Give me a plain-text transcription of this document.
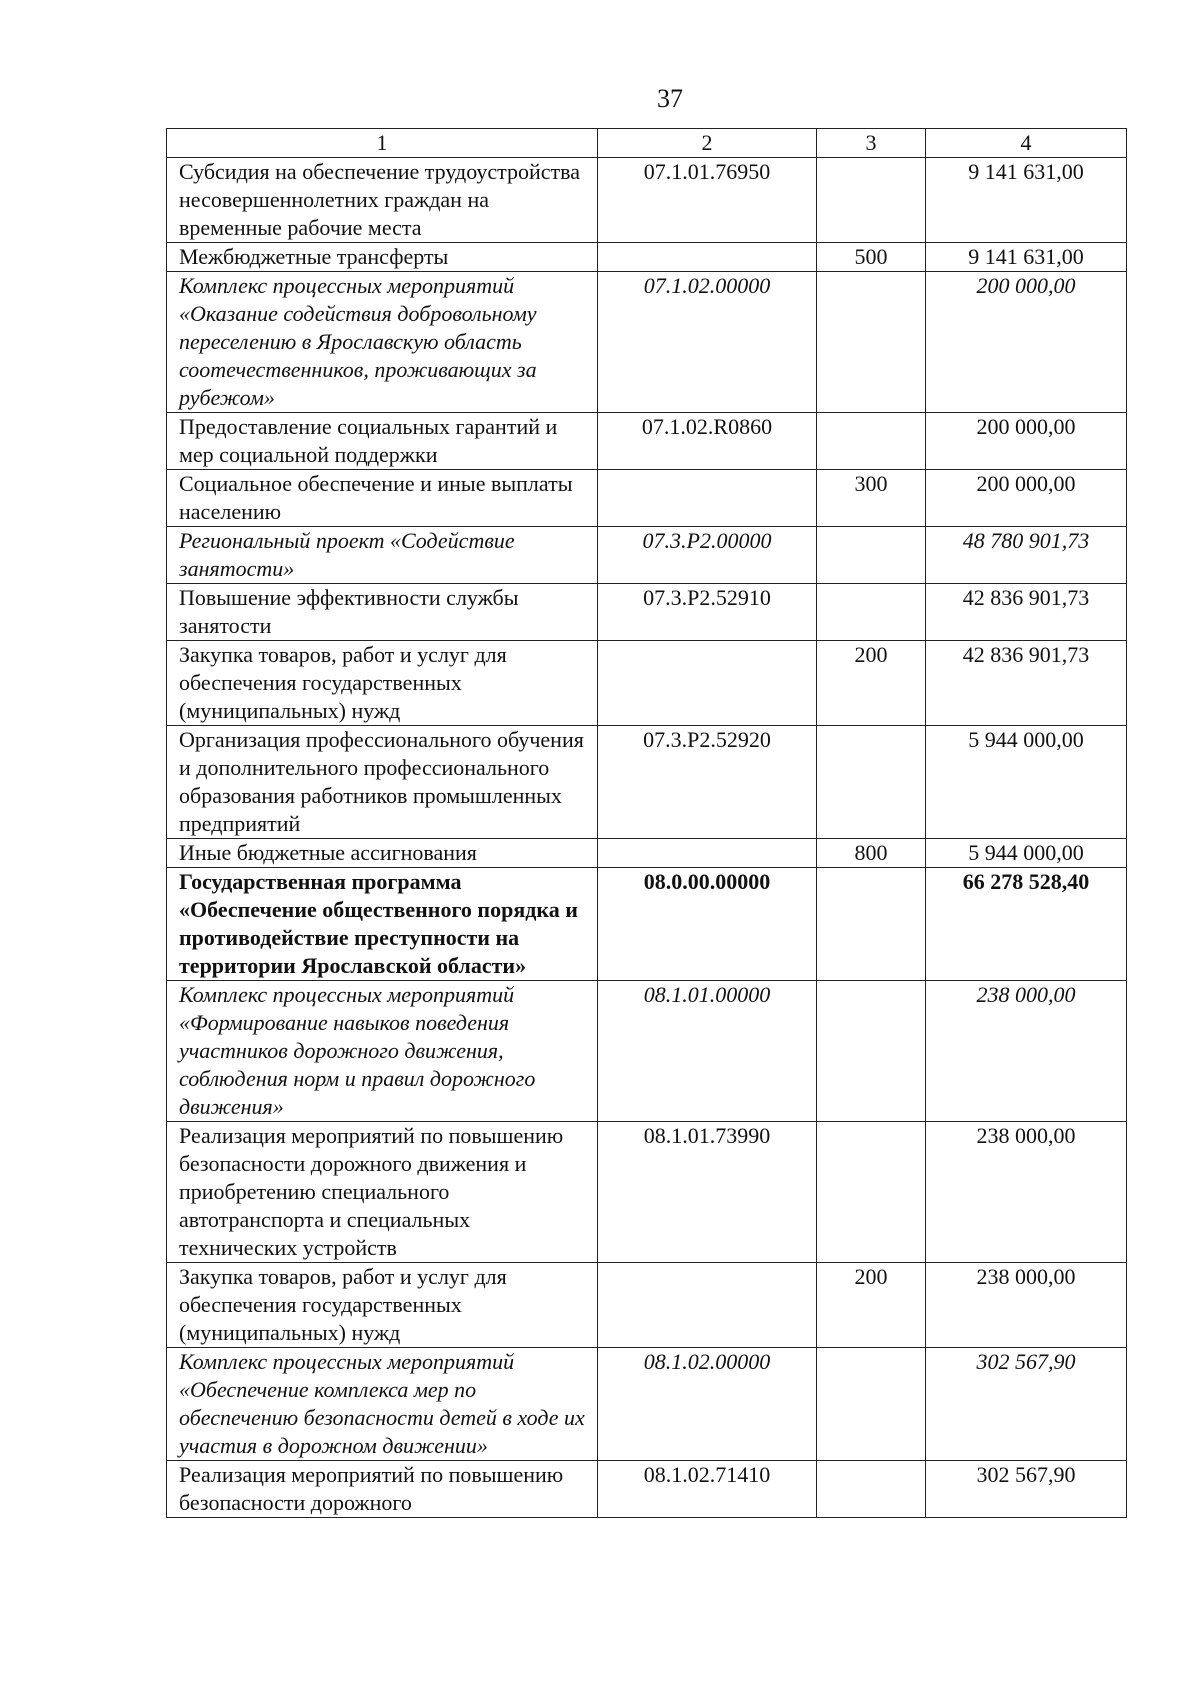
37
1	2	3	4
Субсидия на обеспечение трудоустройства несовершеннолетних граждан на временные рабочие места	07.1.01.76950		9 141 631,00
Межбюджетные трансферты		500	9 141 631,00
Комплекс процессных мероприятий «Оказание содействия добровольному переселению в Ярославскую область соотечественников, проживающих за рубежом»	07.1.02.00000		200 000,00
Предоставление социальных гарантий и мер социальной поддержки	07.1.02.R0860		200 000,00
Социальное обеспечение и иные выплаты населению		300	200 000,00
Региональный проект «Содействие занятости»	07.3.P2.00000		48 780 901,73
Повышение эффективности службы занятости	07.3.P2.52910		42 836 901,73
Закупка товаров, работ и услуг для обеспечения государственных (муниципальных) нужд		200	42 836 901,73
Организация профессионального обучения и дополнительного профессионального образования работников промышленных предприятий	07.3.P2.52920		5 944 000,00
Иные бюджетные ассигнования		800	5 944 000,00
Государственная программа «Обеспечение общественного порядка и противодействие преступности на территории Ярославской области»	08.0.00.00000		66 278 528,40
Комплекс процессных мероприятий «Формирование навыков поведения участников дорожного движения, соблюдения норм и правил дорожного движения»	08.1.01.00000		238 000,00
Реализация мероприятий по повышению безопасности дорожного движения и приобретению специального автотранспорта и специальных технических устройств	08.1.01.73990		238 000,00
Закупка товаров, работ и услуг для обеспечения государственных (муниципальных) нужд		200	238 000,00
Комплекс процессных мероприятий «Обеспечение комплекса мер по обеспечению безопасности детей в ходе их участия в дорожном движении»	08.1.02.00000		302 567,90
Реализация мероприятий по повышению безопасности дорожного	08.1.02.71410		302 567,90
